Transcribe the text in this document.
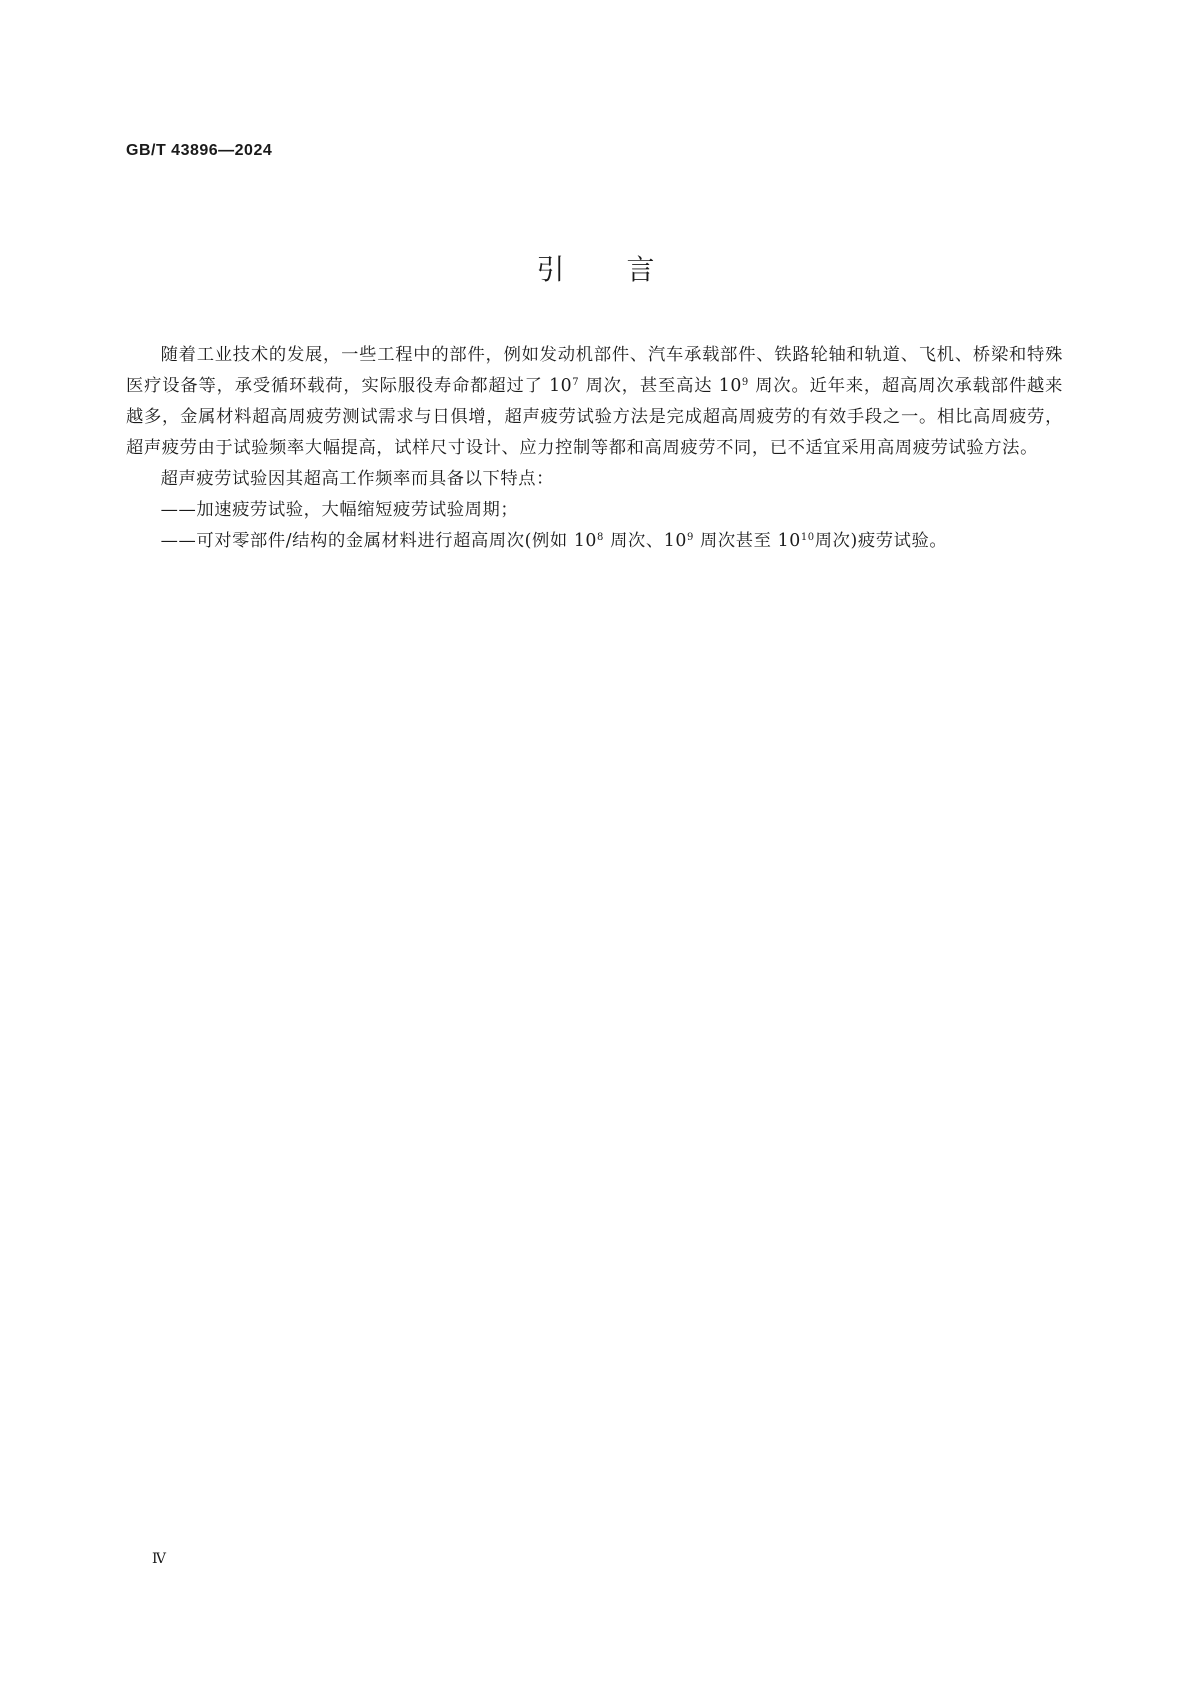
GB/T 43896—2024
引 言

随着工业技术的发展，一些工程中的部件，例如发动机部件、汽车承载部件、铁路轮轴和轨道、飞机、桥梁和特殊医疗设备等，承受循环载荷，实际服役寿命都超过了 $10^7$ 周次，甚至高达 $10^9$ 周次。近年来，超高周次承载部件越来越多，金属材料超高周疲劳测试需求与日俱增，超声疲劳试验方法是完成超高周疲劳的有效手段之一。相比高周疲劳，超声疲劳由于试验频率大幅提高，试样尺寸设计、应力控制等都和高周疲劳不同，已不适宜采用高周疲劳试验方法。

超声疲劳试验因其超高工作频率而具备以下特点：

——加速疲劳试验，大幅缩短疲劳试验周期；

——可对零部件/结构的金属材料进行超高周次(例如 $10^8$ 周次、$10^9$ 周次甚至 $10^{10}$周次)疲劳试验。

Ⅳ
